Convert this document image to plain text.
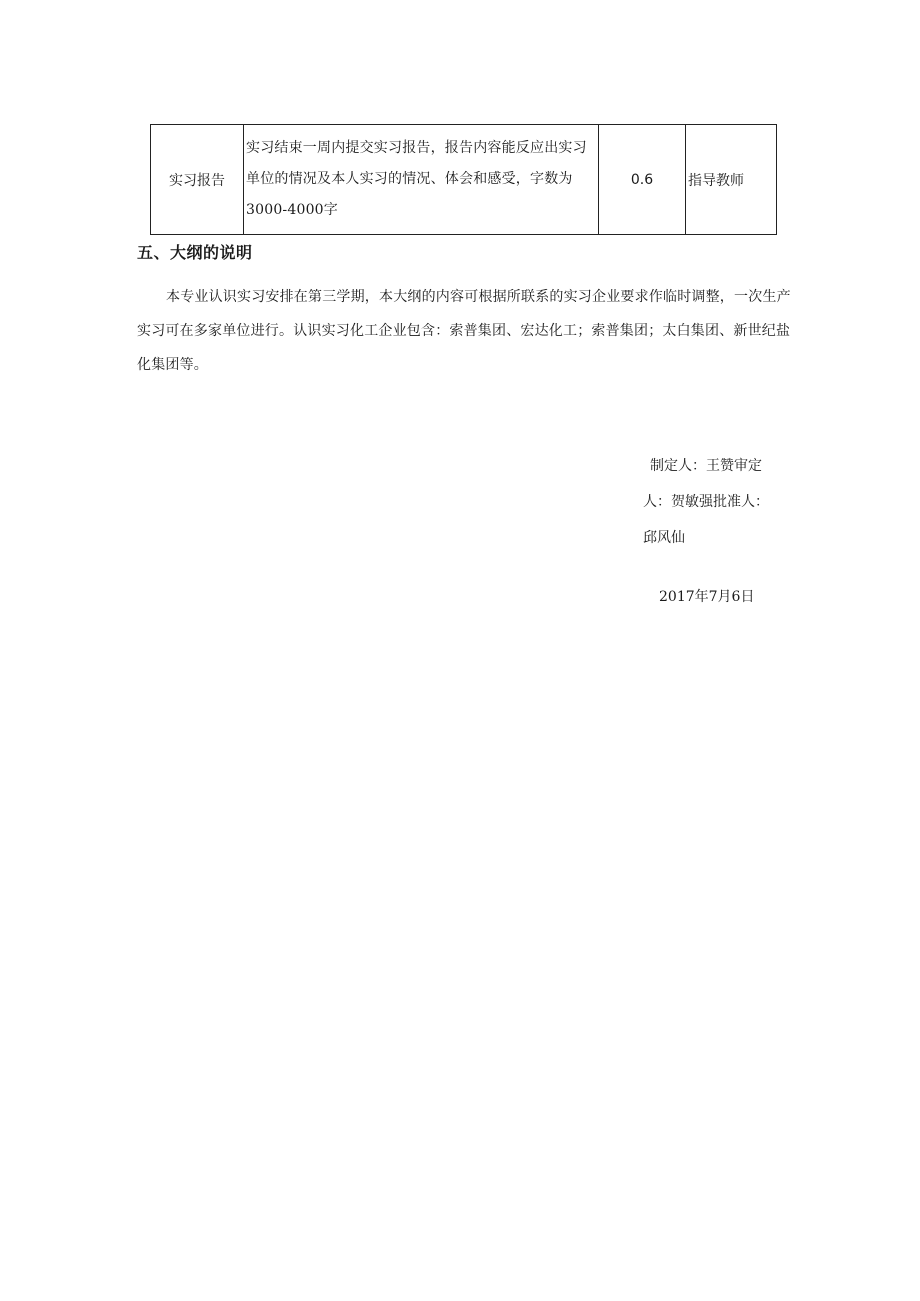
实习报告	实习结束一周内提交实习报告，报告内容能反应出实习单位的情况及本人实习的情况、体会和感受，字数为3000-4000字	0.6	指导教师
五、大纲的说明

本专业认识实习安排在第三学期，本大纲的内容可根据所联系的实习企业要求作临时调整，一次生产实习可在多家单位进行。认识实习化工企业包含：索普集团、宏达化工；索普集团；太白集团、新世纪盐化集团等。

制定人：王赞审定
人：贺敏强批准人：
邱风仙
2017年7月6日
